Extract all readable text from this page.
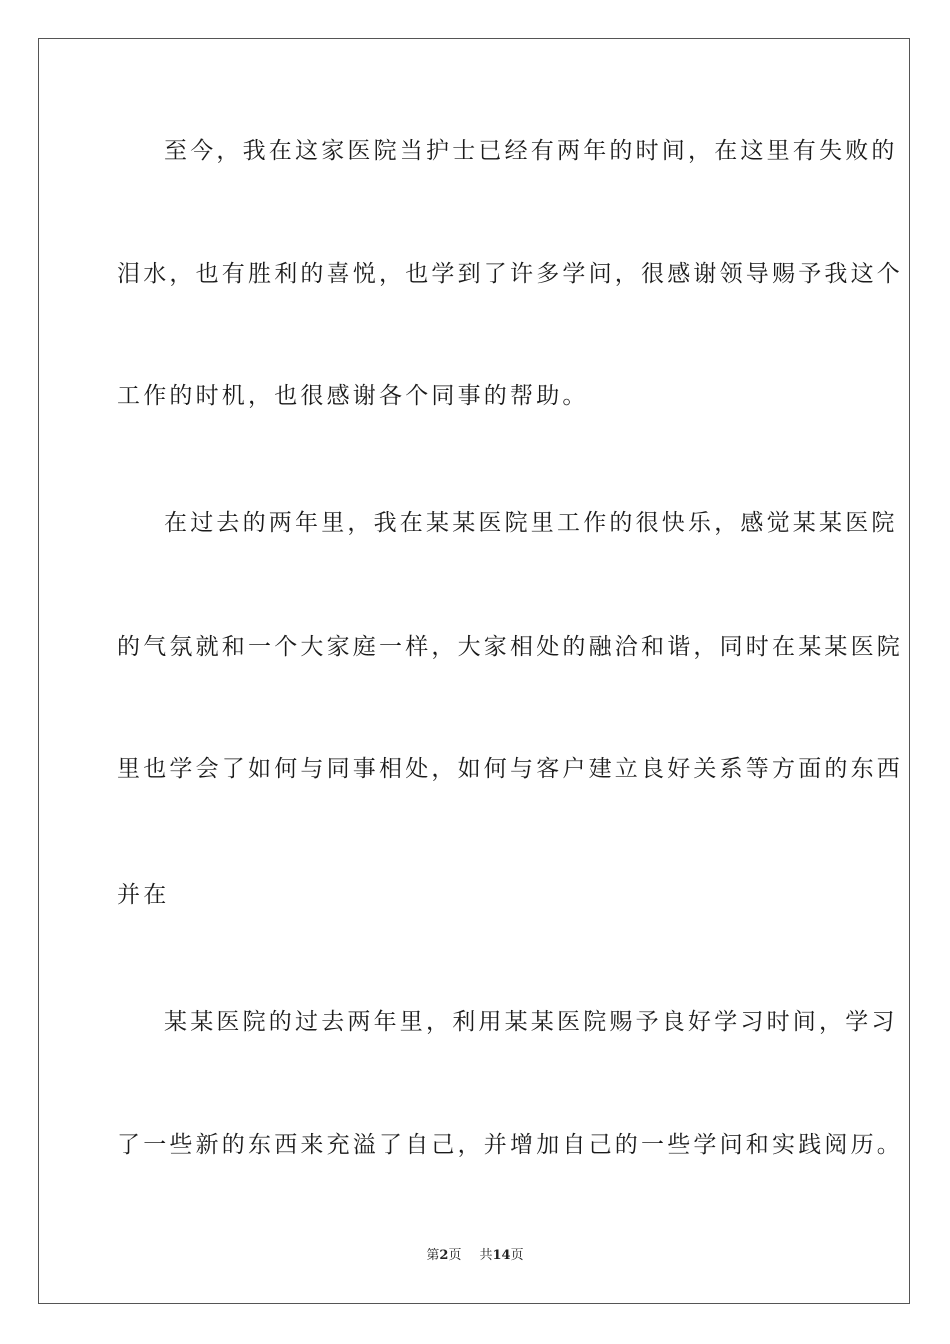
至今，我在这家医院当护士已经有两年的时间，在这里有失败的
泪水，也有胜利的喜悦，也学到了许多学问，很感谢领导赐予我这个
工作的时机，也很感谢各个同事的帮助。
在过去的两年里，我在某某医院里工作的很快乐，感觉某某医院
的气氛就和一个大家庭一样，大家相处的融洽和谐，同时在某某医院
里也学会了如何与同事相处，如何与客户建立良好关系等方面的东西
并在
某某医院的过去两年里，利用某某医院赐予良好学习时间，学习
了一些新的东西来充溢了自己，并增加自己的一些学问和实践阅历。
第2页 共14页
